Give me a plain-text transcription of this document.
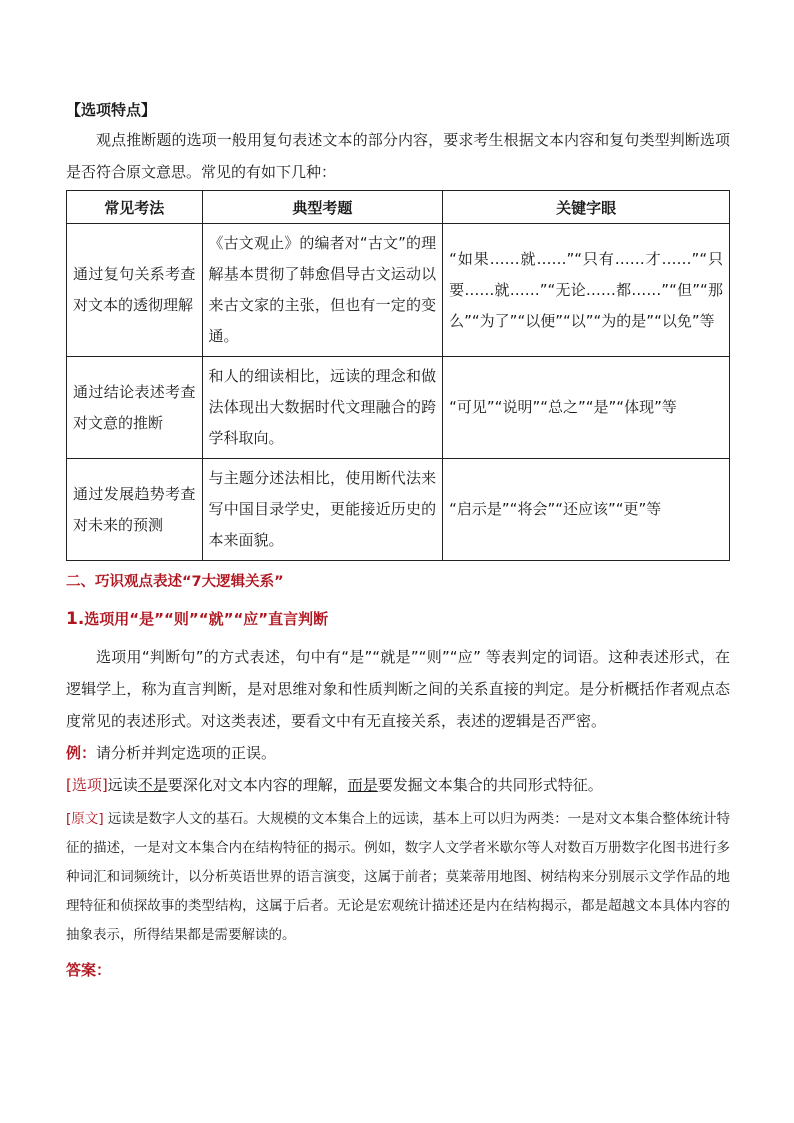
【选项特点】

观点推断题的选项一般用复句表述文本的部分内容，要求考生根据文本内容和复句类型判断选项是否符合原文意思。常见的有如下几种：

常见考法	典型考题	关键字眼
通过复句关系考查对文本的透彻理解	《古文观止》的编者对“古文”的理解基本贯彻了韩愈倡导古文运动以来古文家的主张，但也有一定的变通。	“如果……就……”“只有……才……”“只要……就……”“无论……都……”“但”“那么”“为了”“以便”“以”“为的是”“以免”等
通过结论表述考查对文意的推断	和人的细读相比，远读的理念和做法体现出大数据时代文理融合的跨学科取向。	“可见”“说明”“总之”“是”“体现”等
通过发展趋势考查对未来的预测	与主题分述法相比，使用断代法来写中国目录学史，更能接近历史的本来面貌。	“启示是”“将会”“还应该”“更”等
二、巧识观点表述“7大逻辑关系”
1.选项用“是”“则”“就”“应”直言判断

选项用“判断句”的方式表述，句中有“是”“就是”“则”“应” 等表判定的词语。这种表述形式，在逻辑学上，称为直言判断，是对思维对象和性质判断之间的关系直接的判定。是分析概括作者观点态度常见的表述形式。对这类表述，要看文中有无直接关系，表述的逻辑是否严密。

例：请分析并判定选项的正误。
[选项]远读不是要深化对文本内容的理解，而是要发掘文本集合的共同形式特征。
[原文] 远读是数字人文的基石。大规模的文本集合上的远读，基本上可以归为两类：一是对文本集合整体统计特征的描述，一是对文本集合内在结构特征的揭示。例如，数字人文学者米歇尔等人对数百万册数字化图书进行多种词汇和词频统计，以分析英语世界的语言演变，这属于前者；莫莱蒂用地图、树结构来分别展示文学作品的地理特征和侦探故事的类型结构，这属于后者。无论是宏观统计描述还是内在结构揭示，都是超越文本具体内容的抽象表示，所得结果都是需要解读的。
答案：
